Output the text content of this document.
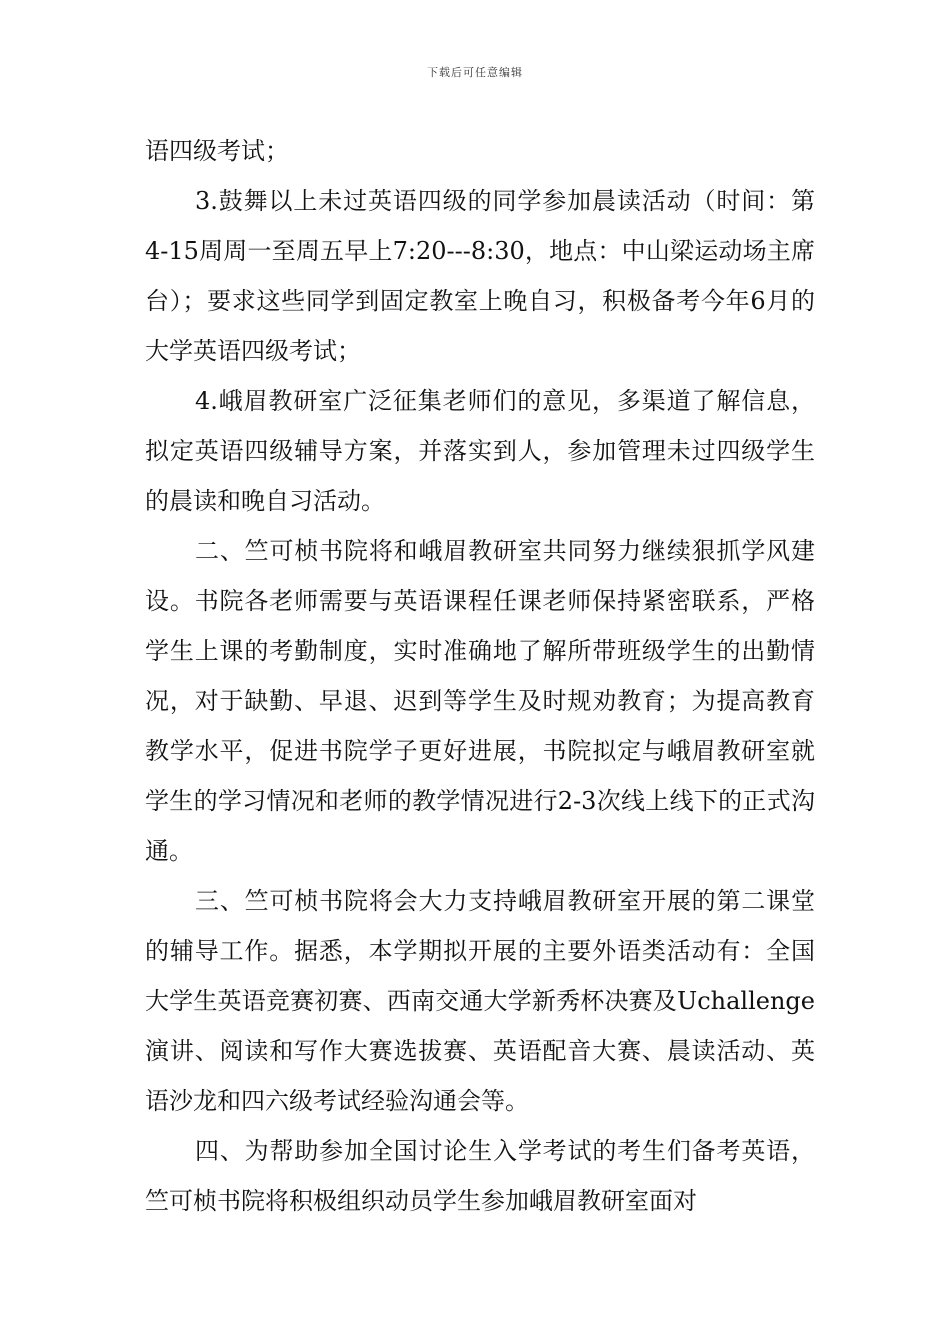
下载后可任意编辑

语四级考试；

3.鼓舞以上未过英语四级的同学参加晨读活动（时间：第4-15周周一至周五早上7:20---8:30，地点：中山梁运动场主席台）；要求这些同学到固定教室上晚自习，积极备考今年6月的大学英语四级考试；

4.峨眉教研室广泛征集老师们的意见，多渠道了解信息，拟定英语四级辅导方案，并落实到人，参加管理未过四级学生的晨读和晚自习活动。

二、竺可桢书院将和峨眉教研室共同努力继续狠抓学风建设。书院各老师需要与英语课程任课老师保持紧密联系，严格学生上课的考勤制度，实时准确地了解所带班级学生的出勤情况，对于缺勤、早退、迟到等学生及时规劝教育；为提高教育教学水平，促进书院学子更好进展，书院拟定与峨眉教研室就学生的学习情况和老师的教学情况进行2-3次线上线下的正式沟通。

三、竺可桢书院将会大力支持峨眉教研室开展的第二课堂的辅导工作。据悉，本学期拟开展的主要外语类活动有：全国大学生英语竞赛初赛、西南交通大学新秀杯决赛及Uchallenge 演讲、阅读和写作大赛选拔赛、英语配音大赛、晨读活动、英语沙龙和四六级考试经验沟通会等。

四、为帮助参加全国讨论生入学考试的考生们备考英语，竺可桢书院将积极组织动员学生参加峨眉教研室面对
